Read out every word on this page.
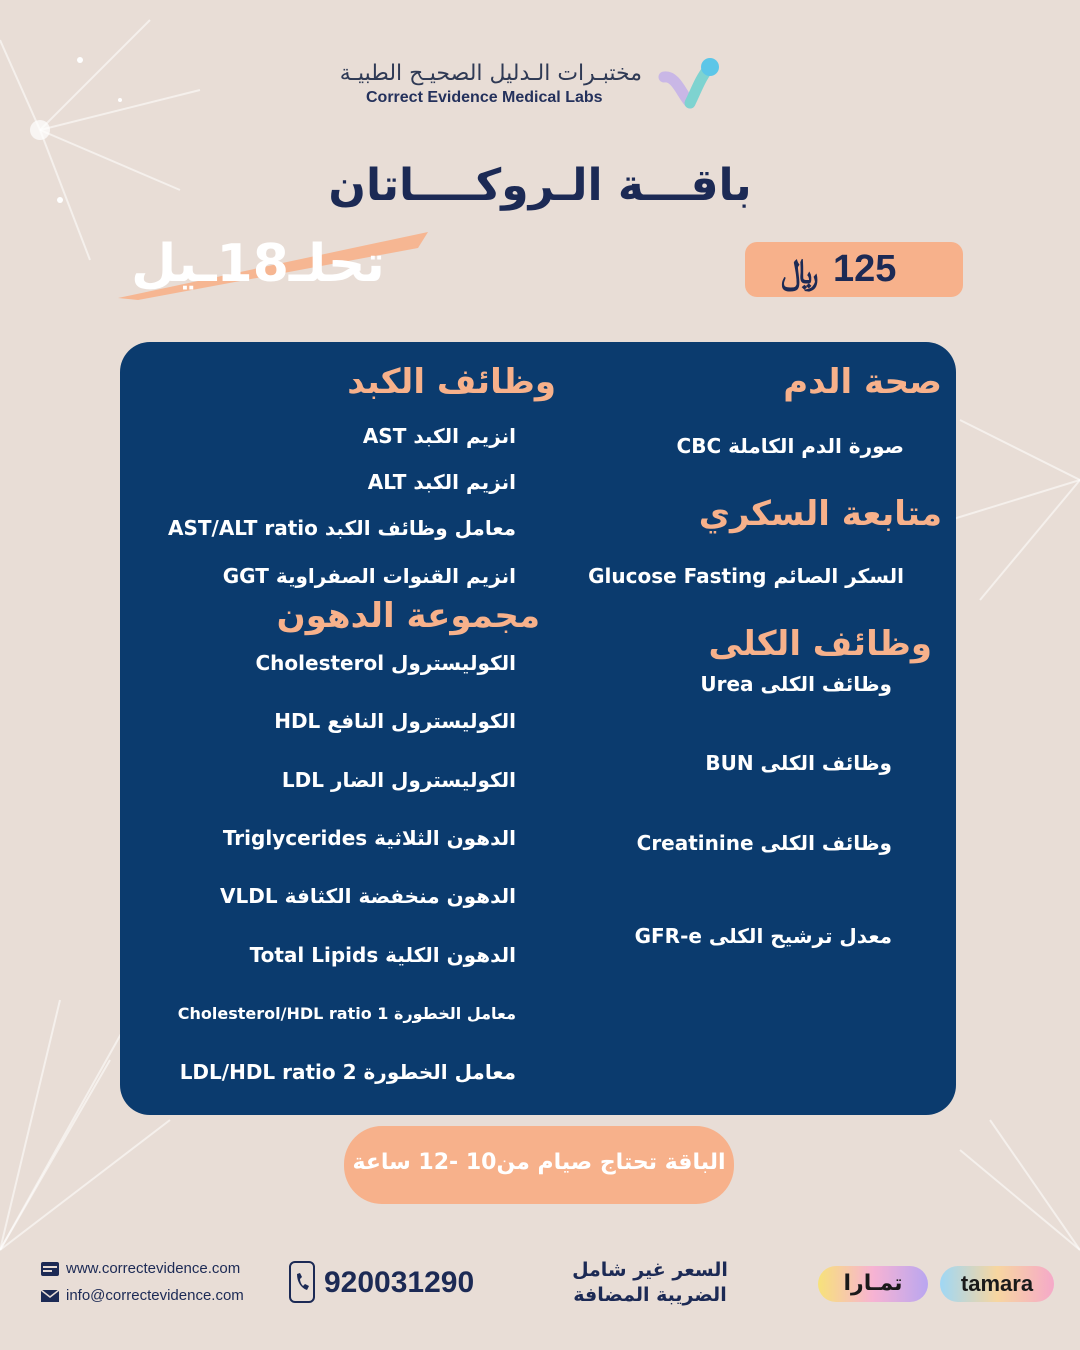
مختبـرات الـدليل الصحيـح الطبيـة
Correct Evidence Medical Labs
باقـــة الـروكــــاتان
تحلـ18ـيل	﷼ 125
صحة الدم
صورة الدم الكاملة CBC
متابعة السكري
السكر الصائم Glucose Fasting
وظائف الكلى
وظائف الكلى Urea
وظائف الكلى BUN
وظائف الكلى Creatinine
معدل ترشيح الكلى GFR-e
وظائف الكبد
انزيم الكبد AST
انزيم الكبد ALT
معامل وظائف الكبد AST/ALT ratio
انزيم القنوات الصفراوية GGT
مجموعة الدهون
الكوليسترول Cholesterol
الكوليسترول النافع HDL
الكوليسترول الضار LDL
الدهون الثلاثية Triglycerides
الدهون منخفضة الكثافة VLDL
الدهون الكلية Total Lipids
معامل الخطورة Cholesterol/HDL ratio 1
معامل الخطورة LDL/HDL ratio 2
الباقة تحتاج صيام من10 -12 ساعة
www.correctevidence.com
info@correctevidence.com	920031290	السعر غير شامل
الضريبة المضافة	تمـارا	tamara
